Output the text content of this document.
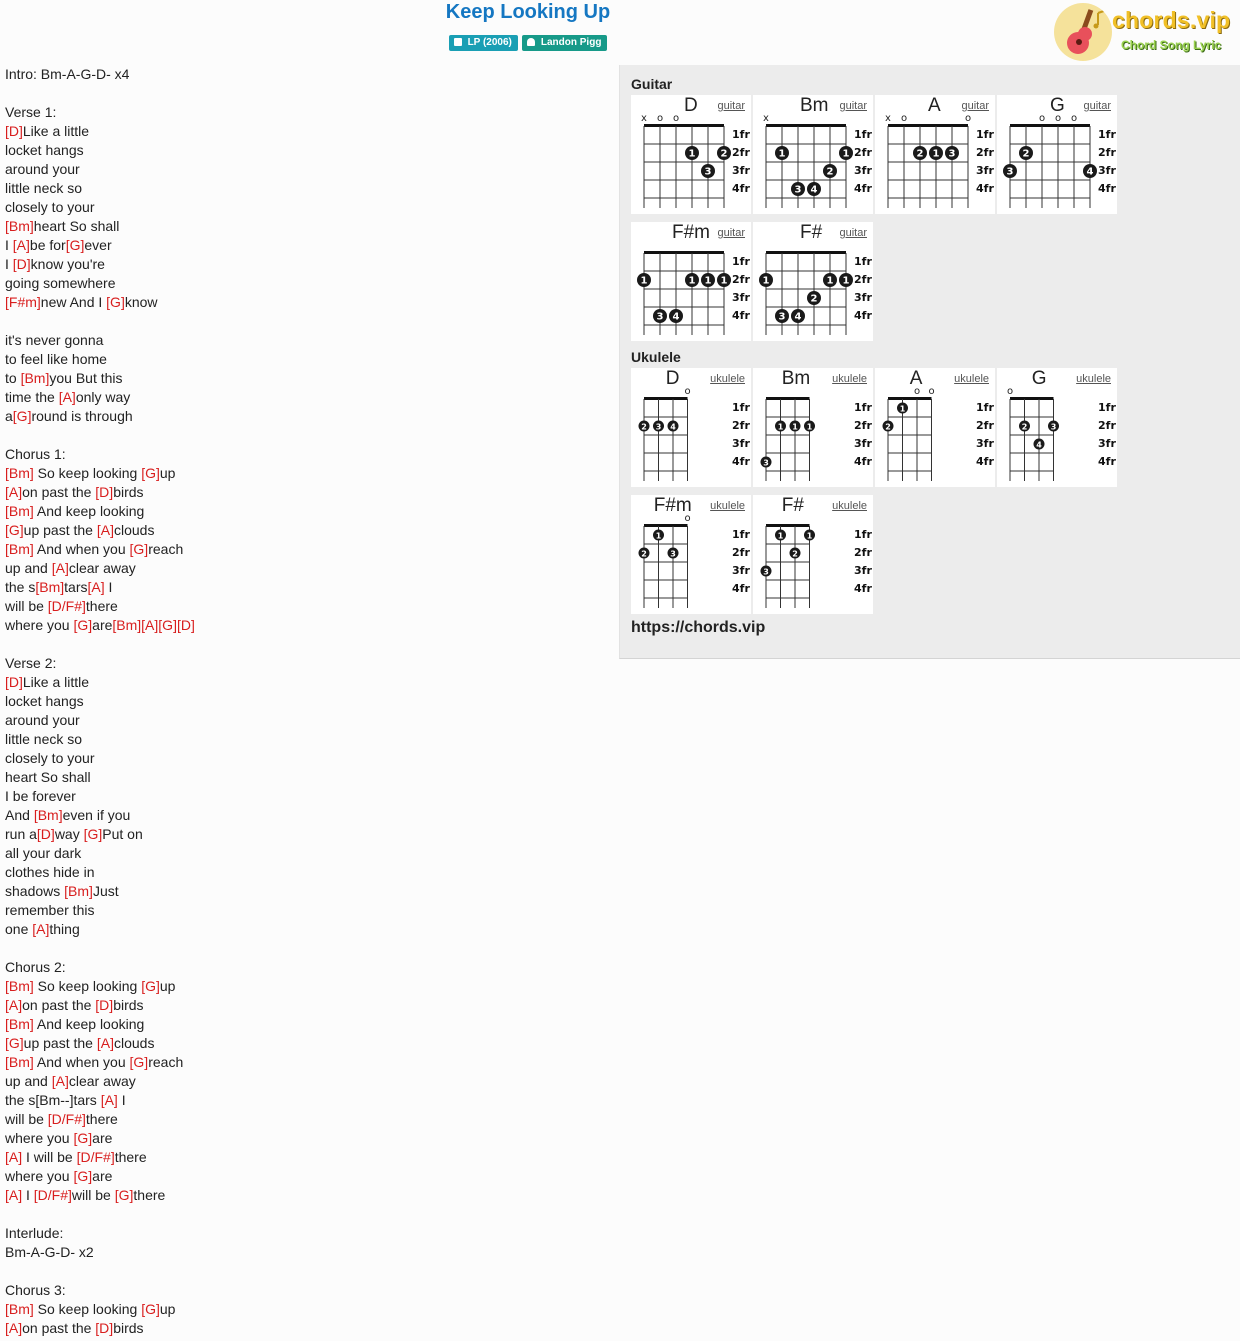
Keep Looking Up
LP (2006)	Landon Pigg
chords.vip
Chord Song Lyric
Intro: Bm-A-G-D- x4
Verse 1:
[D]Like a little
locket hangs
around your
little neck so
closely to your
[Bm]heart So shall
I [A]be for[G]ever
I [D]know you're
going somewhere
[F#m]new And I [G]know
it's never gonna
to feel like home
to [Bm]you But this
time the [A]only way
a[G]round is through
Chorus 1:
[Bm] So keep looking [G]up
[A]on past the [D]birds
[Bm] And keep looking
[G]up past the [A]clouds
[Bm] And when you [G]reach
up and [A]clear away
the s[Bm]tars[A] I
will be [D/F#]there
where you [G]are[Bm][A][G][D]
Verse 2:
[D]Like a little
locket hangs
around your
little neck so
closely to your
heart So shall
I be forever
And [Bm]even if you
run a[D]way [G]Put on
all your dark
clothes hide in
shadows [Bm]Just
remember this
one [A]thing
Chorus 2:
[Bm] So keep looking [G]up
[A]on past the [D]birds
[Bm] And keep looking
[G]up past the [A]clouds
[Bm] And when you [G]reach
up and [A]clear away
the s[Bm--]tars [A] I
will be [D/F#]there
where you [G]are
[A] I will be [D/F#]there
where you [G]are
[A] I [D/F#]will be [G]there
Interlude:
Bm-A-G-D- x2
Chorus 3:
[Bm] So keep looking [G]up
[A]on past the [D]birds
Guitar
x o o
1	2
3
1fr
2fr
3fr
4fr
D guitar
x
1	1
2
3 4
1fr
2fr
3fr
4fr
Bm guitar
x o	o
2 1 3
1fr
2fr
3fr
4fr
A guitar
o o o
2
3	4
1fr
2fr
3fr
4fr
G guitar
1	1 1 1
3 4
1fr
2fr
3fr
4fr
F#m guitar
1	1 1
2
3 4
1fr
2fr
3fr
4fr
F# guitar
Ukulele
o
2 3 4
1fr
2fr
3fr
4fr
D	ukulele
1 1 1
3
1fr
2fr
3fr
4fr
Bm ukulele
o o
1
2
1fr
2fr
3fr
4fr
A	ukulele
o
2	3
4
1fr
2fr
3fr
4fr
G	ukulele
o
1
2	3
1fr
2fr
3fr
4fr
F#m ukulele
1	1
2
3
1fr
2fr
3fr
4fr
F#	ukulele
https://chords.vip
